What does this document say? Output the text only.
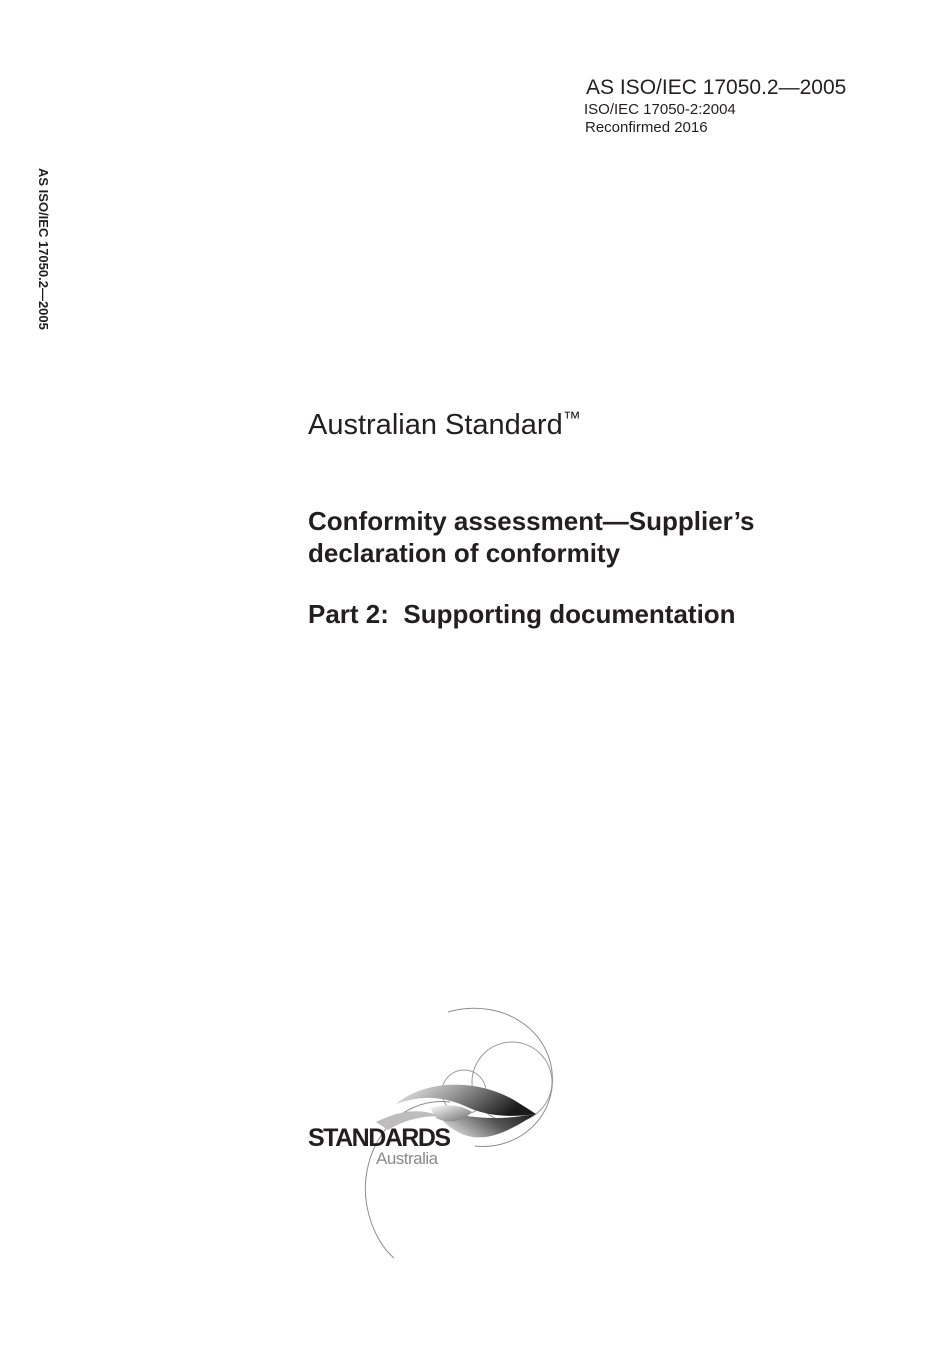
AS ISO/IEC 17050.2—2005
ISO/IEC 17050-2:2004
Reconfirmed 2016
AS ISO/IEC 17050.2—2005
Australian Standard™
Conformity assessment—Supplier’s declaration of conformity
Part 2:  Supporting documentation
STANDARDS
Australia
